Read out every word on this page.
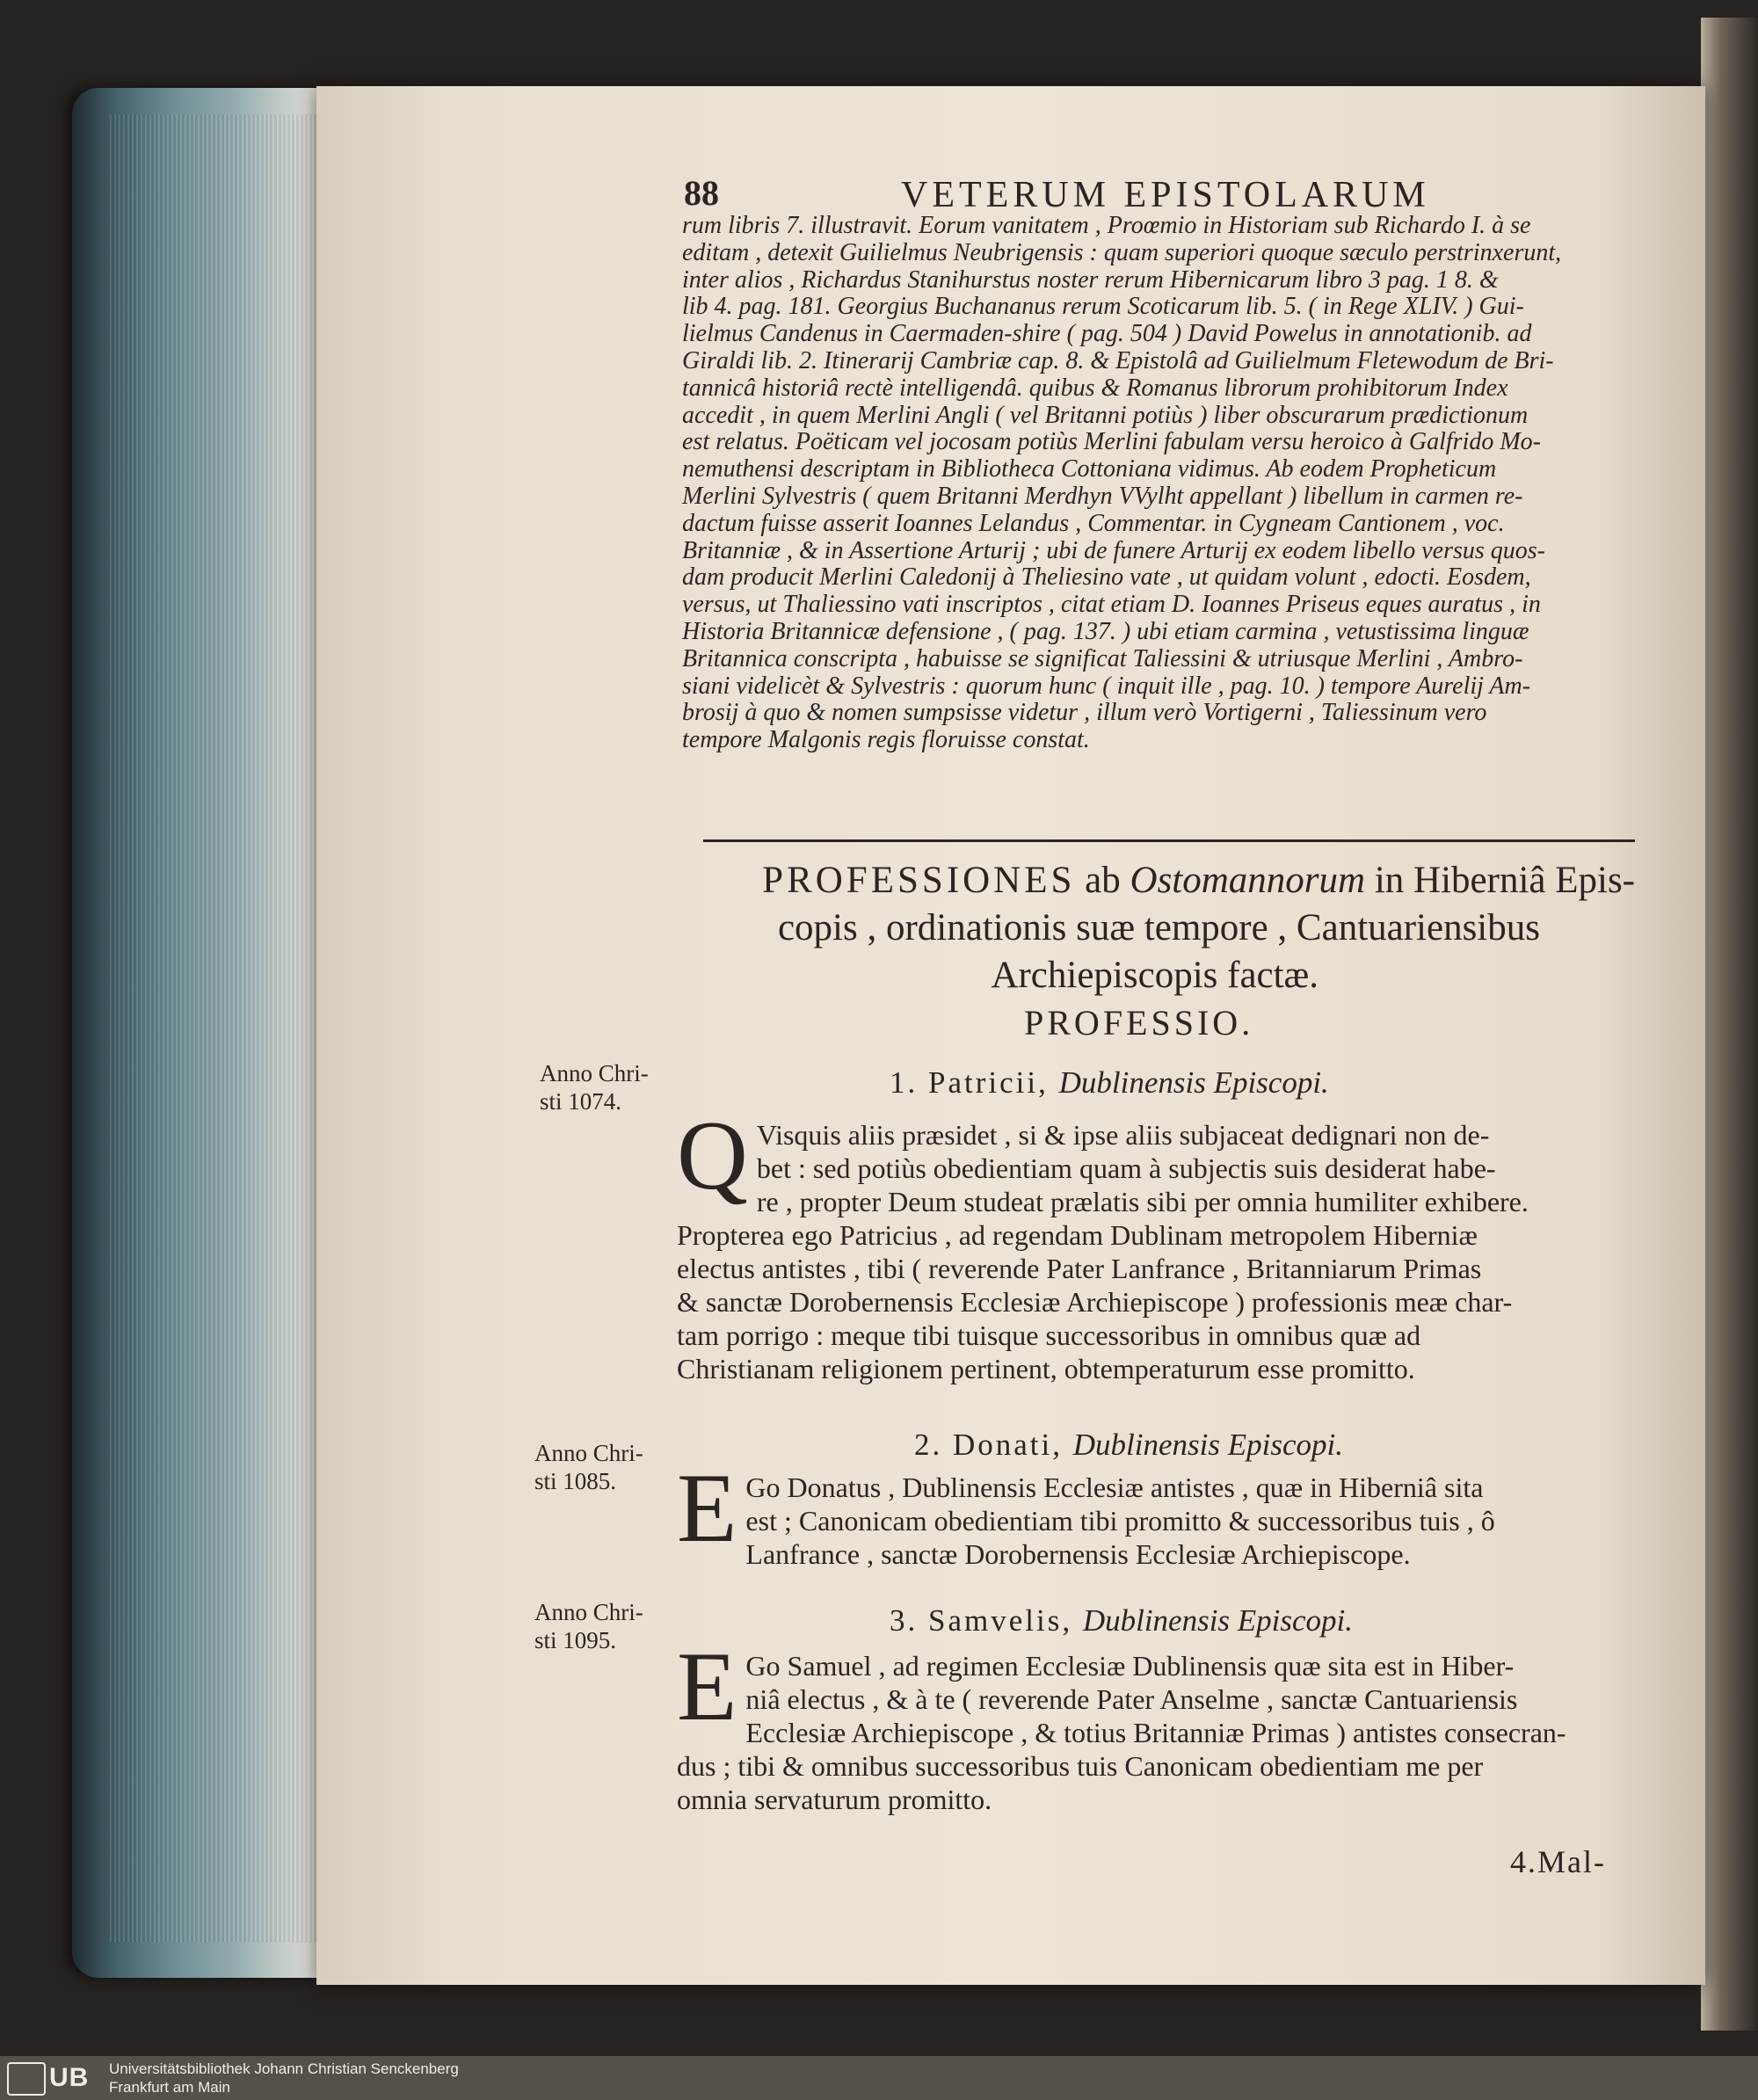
88	VETERUM EPISTOLARUM

rum libris 7. illustravit. Eorum vanitatem , Proœmio in Historiam sub Richardo I. à se

editam , detexit Guilielmus Neubrigensis : quam superiori quoque sæculo perstrinxerunt,

inter alios , Richardus Stanihurstus noster rerum Hibernicarum libro 3 pag. 1 8. &

lib 4. pag. 181. Georgius Buchananus rerum Scoticarum lib. 5. ( in Rege XLIV. ) Gui-

lielmus Candenus in Caermaden-shire ( pag. 504 ) David Powelus in annotationib. ad

Giraldi lib. 2. Itinerarij Cambriæ cap. 8. & Epistolâ ad Guilielmum Fletewodum de Bri-

tannicâ historiâ rectè intelligendâ. quibus & Romanus librorum prohibitorum Index

accedit , in quem Merlini Angli ( vel Britanni potiùs ) liber obscurarum prædictionum

est relatus. Poëticam vel jocosam potiùs Merlini fabulam versu heroico à Galfrido Mo-

nemuthensi descriptam in Bibliotheca Cottoniana vidimus. Ab eodem Propheticum

Merlini Sylvestris ( quem Britanni Merdhyn VVylht appellant ) libellum in carmen re-

dactum fuisse asserit Ioannes Lelandus , Commentar. in Cygneam Cantionem , voc.

Britanniæ , & in Assertione Arturij ; ubi de funere Arturij ex eodem libello versus quos-

dam producit Merlini Caledonij à Theliesino vate , ut quidam volunt , edocti. Eosdem,

versus, ut Thaliessino vati inscriptos , citat etiam D. Ioannes Priseus eques auratus , in

Historia Britannicæ defensione , ( pag. 137. ) ubi etiam carmina , vetustissima linguæ

Britannica conscripta , habuisse se significat Taliessini & utriusque Merlini , Ambro-

siani videlicèt & Sylvestris : quorum hunc ( inquit ille , pag. 10. ) tempore Aurelij Am-

brosij à quo & nomen sumpsisse videtur , illum verò Vortigerni , Taliessinum vero

tempore Malgonis regis floruisse constat.

PROFESSIONES ab Ostomannorum in Hiberniâ Epis-
copis , ordinationis suæ tempore , Cantuariensibus
Archiepiscopis factæ.
PROFESSIO.
Anno Chri-
sti 1074.
1. Patricii, Dublinensis Episcopi.
Q Visquis aliis præsidet , si & ipse aliis subjaceat dedignari non de-

bet : sed potiùs obedientiam quam à subjectis suis desiderat habe-

re , propter Deum studeat prælatis sibi per omnia humiliter exhibere.

Propterea ego Patricius , ad regendam Dublinam metropolem Hiberniæ

electus antistes , tibi ( reverende Pater Lanfrance , Britanniarum Primas

& sanctæ Dorobernensis Ecclesiæ Archiepiscope ) professionis meæ char-

tam porrigo : meque tibi tuisque successoribus in omnibus quæ ad

Christianam religionem pertinent, obtemperaturum esse promitto.

Anno Chri-
sti 1085.
2. Donati, Dublinensis Episcopi.
E Go Donatus , Dublinensis Ecclesiæ antistes , quæ in Hiberniâ sita

est ; Canonicam obedientiam tibi promitto & successoribus tuis , ô

Lanfrance , sanctæ Dorobernensis Ecclesiæ Archiepiscope.

Anno Chri-
sti 1095.
3. Samvelis, Dublinensis Episcopi.
E Go Samuel , ad regimen Ecclesiæ Dublinensis quæ sita est in Hiber-

niâ electus , & à te ( reverende Pater Anselme , sanctæ Cantuariensis

Ecclesiæ Archiepiscope , & totius Britanniæ Primas ) antistes consecran-

dus ; tibi & omnibus successoribus tuis Canonicam obedientiam me per

omnia servaturum promitto.

4.Mal-
UB	Universitätsbibliothek Johann Christian Senckenberg
Frankfurt am Main
